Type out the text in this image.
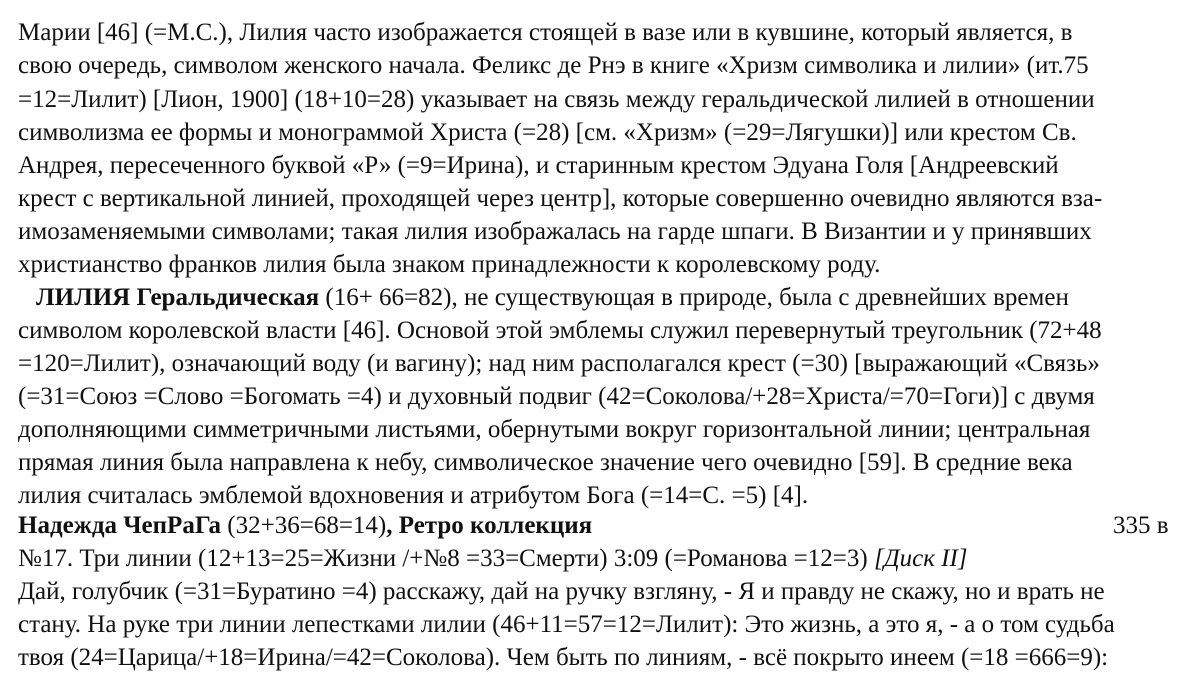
Марии [46] (=М.С.), Лилия часто изображается стоящей в вазе или в кувшине, который является, в
свою очередь, символом женского начала. Феликс де Рнэ в книге «Хризм символика и лилии» (ит.75
=12=Лилит) [Лион, 1900] (18+10=28) указывает на связь между геральдической лилией в отношении
символизма ее формы и монограммой Христа (=28) [см. «Хризм» (=29=Лягушки)] или крестом Св.
Андрея, пересеченного буквой «Р» (=9=Ирина), и старинным крестом Эдуана Голя [Андреевский
крест с вертикальной линией, проходящей через центр], которые совершенно очевидно являются вза-
имозаменяемыми символами; такая лилия изображалась на гарде шпаги. В Византии и у принявших
христианство франков лилия была знаком принадлежности к королевскому роду.
ЛИЛИЯ Геральдическая (16+ 66=82), не существующая в природе, была с древнейших времен
символом королевской власти [46]. Основой этой эмблемы служил перевернутый треугольник (72+48
=120=Лилит), означающий воду (и вагину); над ним располагался крест (=30) [выражающий «Связь»
(=31=Союз =Слово =Богомать =4) и духовный подвиг (42=Соколова/+28=Христа/=70=Гоги)] с двумя
дополняющими симметричными листьями, обернутыми вокруг горизонтальной линии; центральная
прямая линия была направлена к небу, символическое значение чего очевидно [59]. В средние века
лилия считалась эмблемой вдохновения и атрибутом Бога (=14=С. =5) [4].
Надежда ЧепРаГа (32+36=68=14), Ретро коллекция	335 в
№17. Три линии (12+13=25=Жизни /+№8 =33=Смерти) 3:09 (=Романова =12=3) [Диск II]
Дай, голубчик (=31=Буратино =4) расскажу, дай на ручку взгляну, - Я и правду не скажу, но и врать не
стану. На руке три линии лепестками лилии (46+11=57=12=Лилит): Это жизнь, а это я, - а о том судьба
твоя (24=Царица/+18=Ирина/=42=Соколова). Чем быть по линиям, - всё покрыто инеем (=18 =666=9):
